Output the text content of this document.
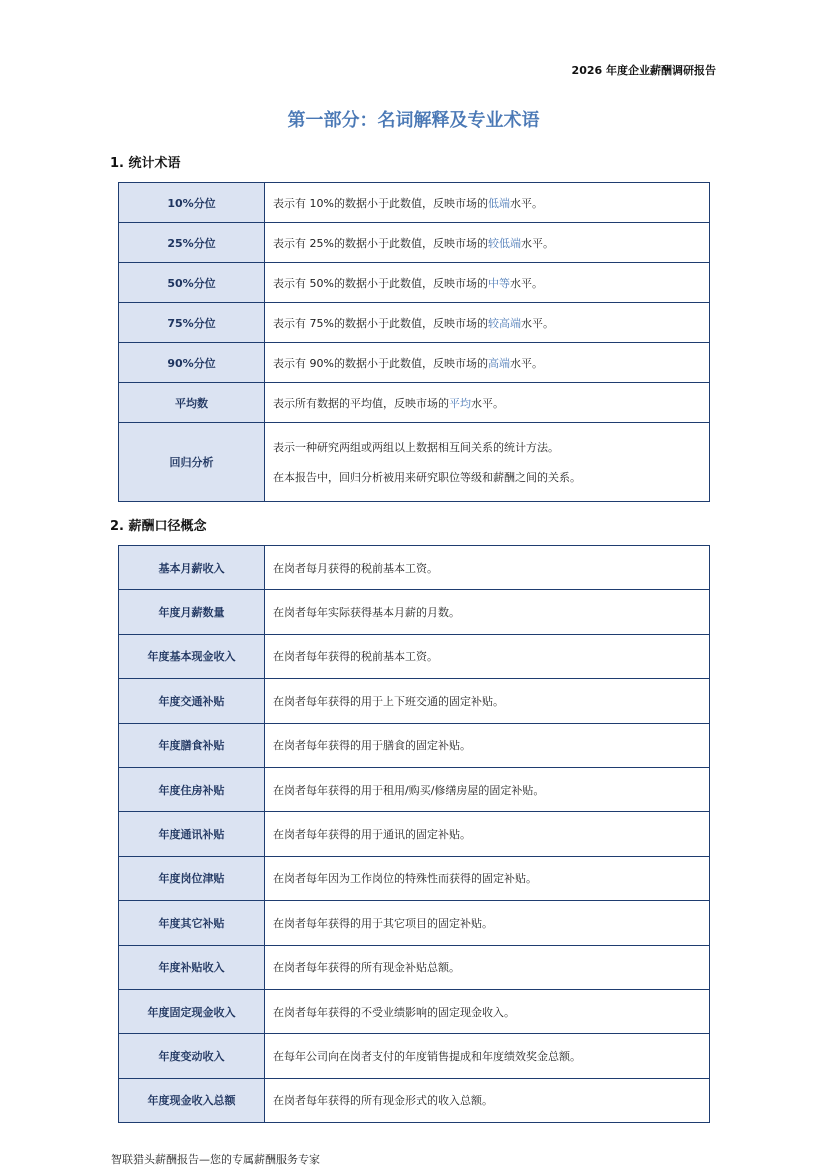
2026 年度企业薪酬调研报告
第一部分：名词解释及专业术语
1. 统计术语
10%分位	表示有 10%的数据小于此数值，反映市场的低端水平。
25%分位	表示有 25%的数据小于此数值，反映市场的较低端水平。
50%分位	表示有 50%的数据小于此数值，反映市场的中等水平。
75%分位	表示有 75%的数据小于此数值，反映市场的较高端水平。
90%分位	表示有 90%的数据小于此数值，反映市场的高端水平。
平均数	表示所有数据的平均值，反映市场的平均水平。
回归分析	表示一种研究两组或两组以上数据相互间关系的统计方法。
在本报告中，回归分析被用来研究职位等级和薪酬之间的关系。
2. 薪酬口径概念
基本月薪收入	在岗者每月获得的税前基本工资。
年度月薪数量	在岗者每年实际获得基本月薪的月数。
年度基本现金收入	在岗者每年获得的税前基本工资。
年度交通补贴	在岗者每年获得的用于上下班交通的固定补贴。
年度膳食补贴	在岗者每年获得的用于膳食的固定补贴。
年度住房补贴	在岗者每年获得的用于租用/购买/修缮房屋的固定补贴。
年度通讯补贴	在岗者每年获得的用于通讯的固定补贴。
年度岗位津贴	在岗者每年因为工作岗位的特殊性而获得的固定补贴。
年度其它补贴	在岗者每年获得的用于其它项目的固定补贴。
年度补贴收入	在岗者每年获得的所有现金补贴总额。
年度固定现金收入	在岗者每年获得的不受业绩影响的固定现金收入。
年度变动收入	在每年公司向在岗者支付的年度销售提成和年度绩效奖金总额。
年度现金收入总额	在岗者每年获得的所有现金形式的收入总额。
智联猎头薪酬报告—您的专属薪酬服务专家
